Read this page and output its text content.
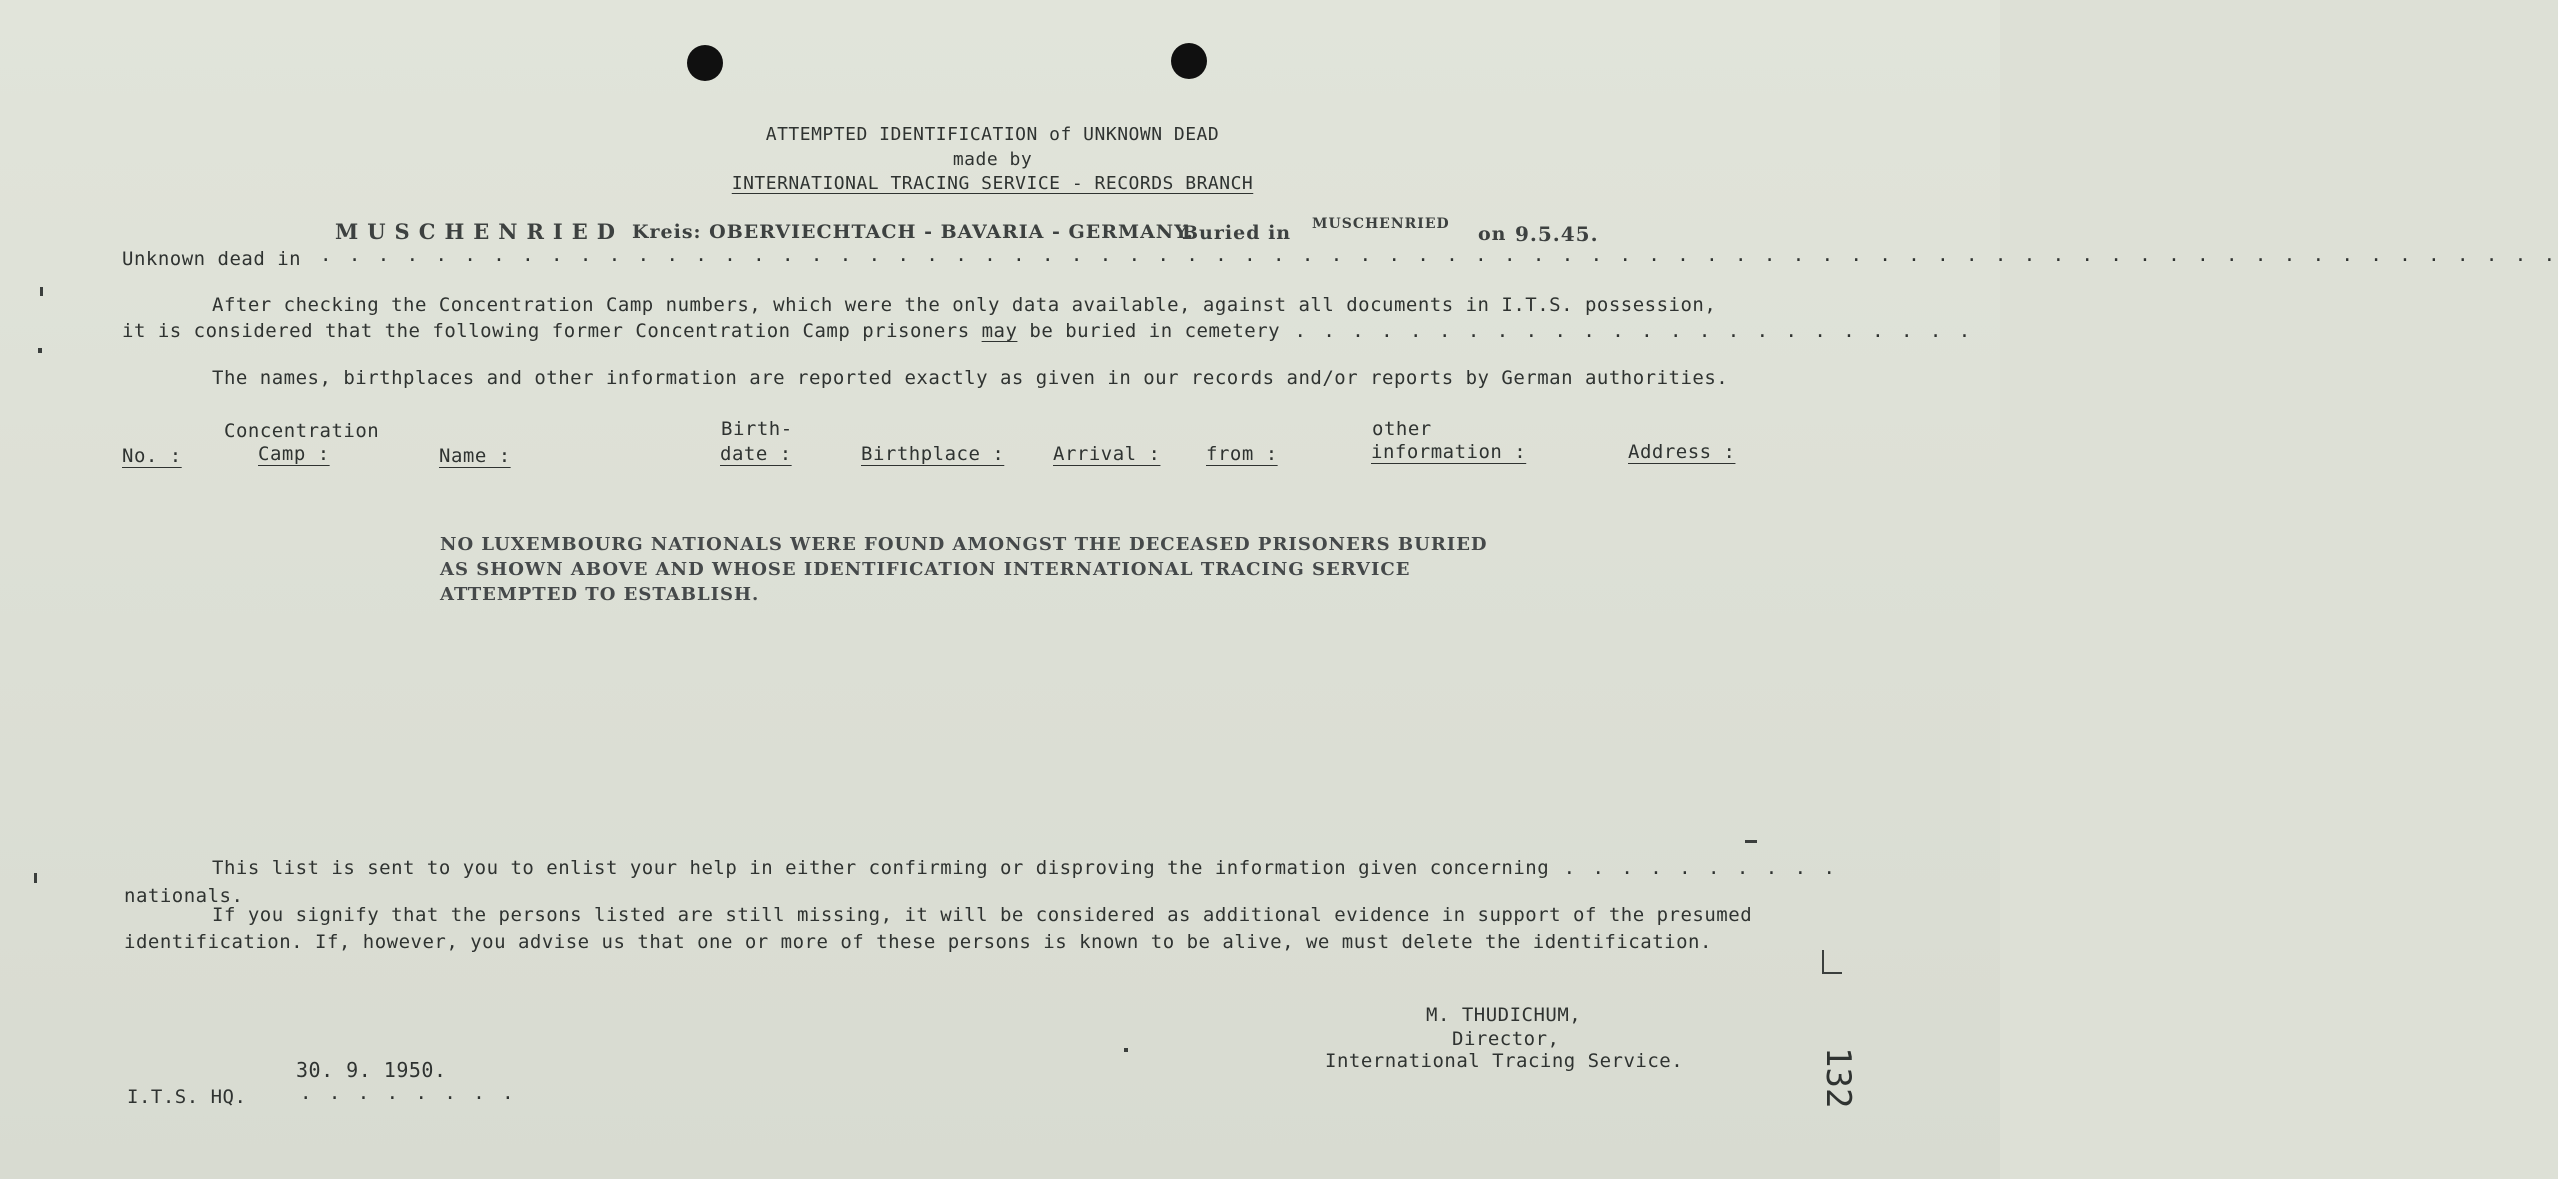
ATTEMPTED IDENTIFICATION of UNKNOWN DEAD
made by
INTERNATIONAL TRACING SERVICE - RECORDS BRANCH
MUSCHENRIED Kreis: OBERVIECHTACH - BAVARIA - GERMANY.
Buried in MUSCHENRIED on 9.5.45.
Unknown dead in . . . . . . . . . . . . . . . . . . . . . . . . . . . . . . . . . . . . . . . . . . . . . . . . . . . . . . . . . . . . . . . . . . . . . . . . . . . . . .
After checking the Concentration Camp numbers, which were the only data available, against all documents in I.T.S. possession,
it is considered that the following former Concentration Camp prisoners may be buried in cemetery . . . . . . . . . . . . . . . . . . . . . . . .
The names, birthplaces and other information are reported exactly as given in our records and/or reports by German authorities.
Concentration	Birth-	other
No. :	Camp :	Name :	date :	Birthplace :	Arrival : from :	information :	Address :
NO LUXEMBOURG NATIONALS WERE FOUND AMONGST THE DECEASED PRISONERS BURIED
AS SHOWN ABOVE AND WHOSE IDENTIFICATION INTERNATIONAL TRACING SERVICE
ATTEMPTED TO ESTABLISH.
This list is sent to you to enlist your help in either confirming or disproving the information given concerning . . . . . . . . . .
nationals.
If you signify that the persons listed are still missing, it will be considered as additional evidence in support of the presumed
identification. If, however, you advise us that one or more of these persons is known to be alive, we must delete the identification.
M. THUDICHUM,
Director,
International Tracing Service.
30. 9. 1950.
I.T.S. HQ.	. . . . . . . .	132
